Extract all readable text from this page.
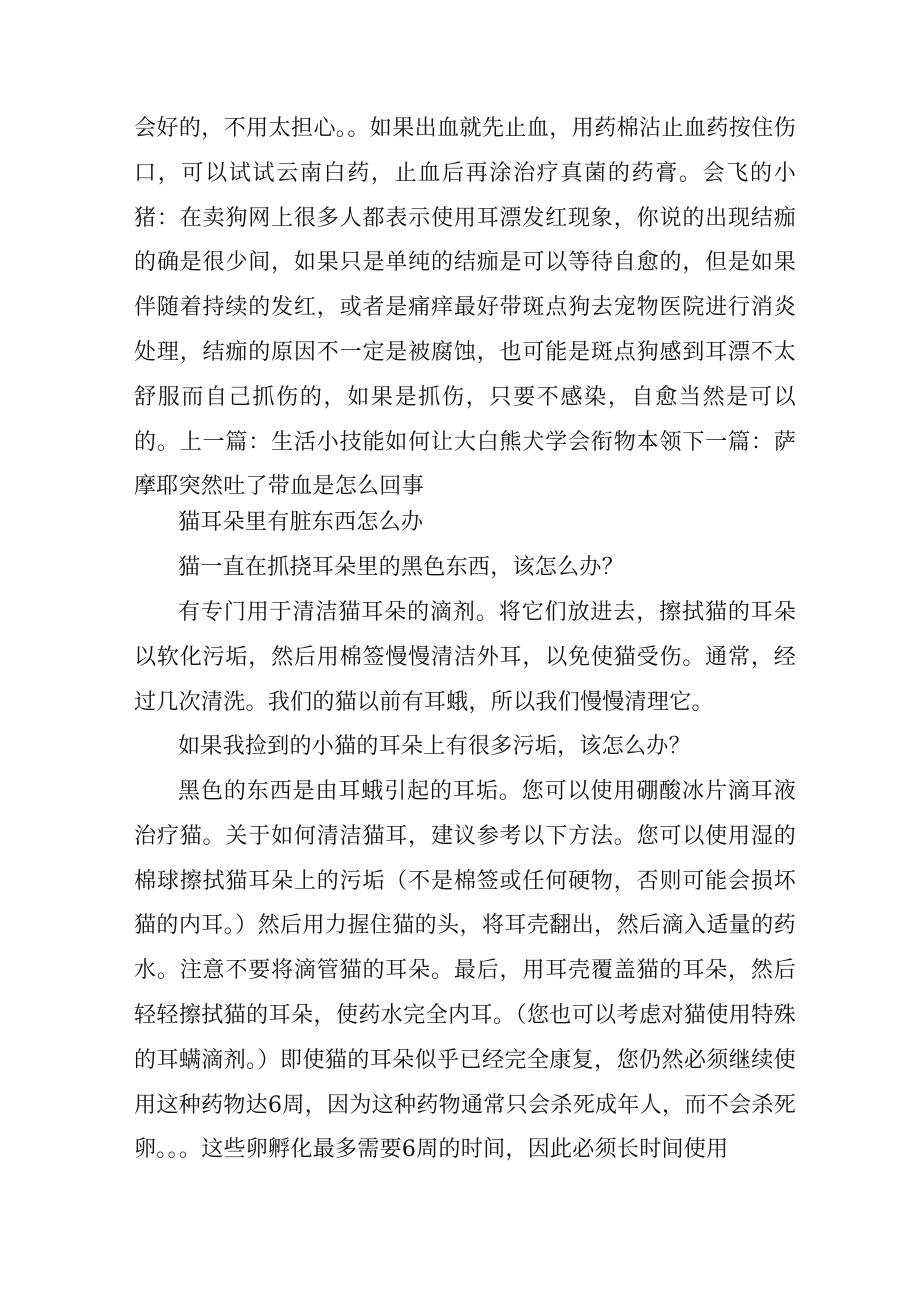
会好的，不用太担心。。如果出血就先止血，用药棉沾止血药按住伤口，可以试试云南白药，止血后再涂治疗真菌的药膏。会飞的小猪：在卖狗网上很多人都表示使用耳漂发红现象，你说的出现结痂的确是很少间，如果只是单纯的结痂是可以等待自愈的，但是如果伴随着持续的发红，或者是痛痒最好带斑点狗去宠物医院进行消炎处理，结痂的原因不一定是被腐蚀，也可能是斑点狗感到耳漂不太舒服而自己抓伤的，如果是抓伤，只要不感染，自愈当然是可以的。上一篇：生活小技能如何让大白熊犬学会衔物本领下一篇：萨摩耶突然吐了带血是怎么回事

猫耳朵里有脏东西怎么办

猫一直在抓挠耳朵里的黑色东西，该怎么办？

有专门用于清洁猫耳朵的滴剂。将它们放进去，擦拭猫的耳朵以软化污垢，然后用棉签慢慢清洁外耳，以免使猫受伤。通常，经过几次清洗。我们的猫以前有耳蛾，所以我们慢慢清理它。

如果我捡到的小猫的耳朵上有很多污垢，该怎么办？

黑色的东西是由耳蛾引起的耳垢。您可以使用硼酸冰片滴耳液治疗猫。关于如何清洁猫耳，建议参考以下方法。您可以使用湿的棉球擦拭猫耳朵上的污垢（不是棉签或任何硬物，否则可能会损坏猫的内耳。）然后用力握住猫的头，将耳壳翻出，然后滴入适量的药水。注意不要将滴管猫的耳朵。最后，用耳壳覆盖猫的耳朵，然后轻轻擦拭猫的耳朵，使药水完全内耳。（您也可以考虑对猫使用特殊的耳螨滴剂。）即使猫的耳朵似乎已经完全康复，您仍然必须继续使用这种药物达6周，因为这种药物通常只会杀死成年人，而不会杀死卵。。。这些卵孵化最多需要6周的时间，因此必须长时间使用
